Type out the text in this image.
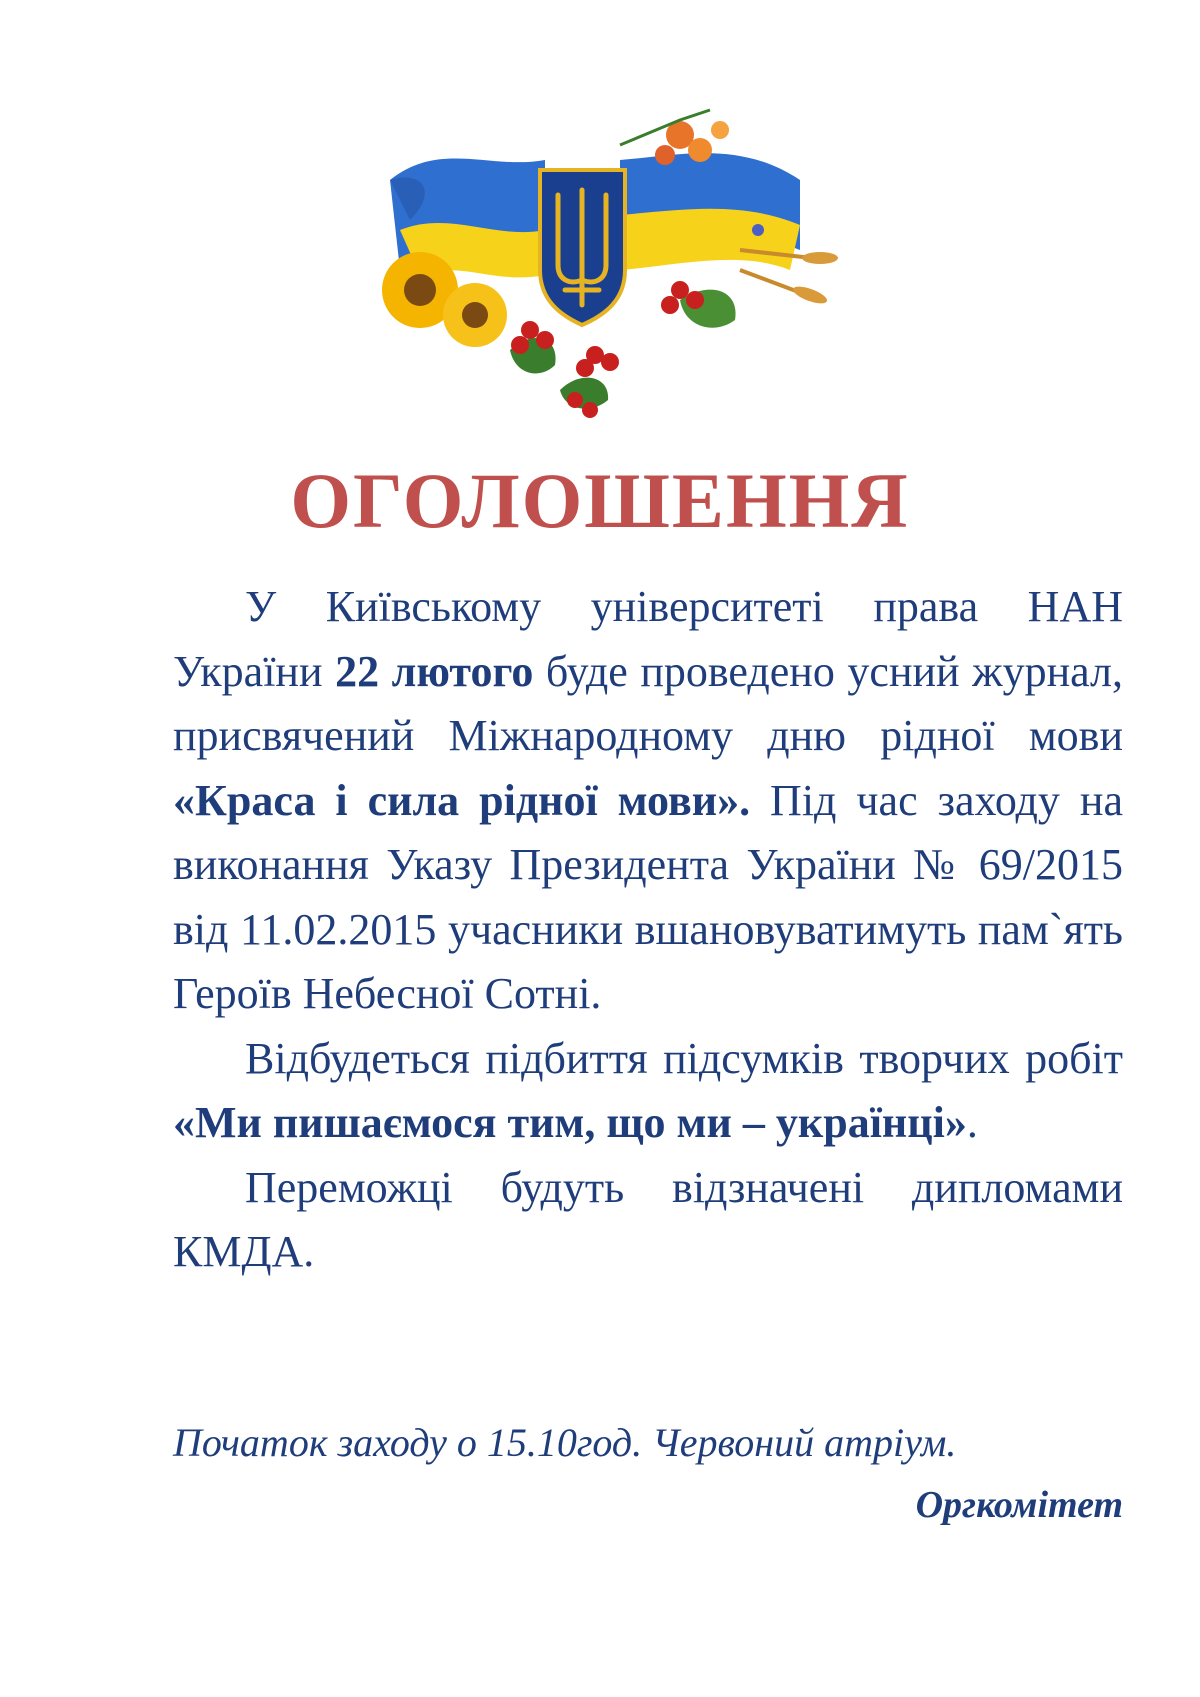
ОГОЛОШЕННЯ

У Київському університеті права НАН України 22 лютого буде проведено усний журнал, присвячений Міжнародному дню рідної мови «Краса і сила рідної мови». Під час заходу на виконання Указу Президента України № 69/2015 від 11.02.2015 учасники вшановуватимуть пам`ять Героїв Небесної Сотні.

Відбудеться підбиття підсумків творчих робіт «Ми пишаємося тим, що ми – українці».

Переможці будуть відзначені дипломами КМДА.

Початок заходу о 15.10год. Червоний атріум.
Оргкомітет
